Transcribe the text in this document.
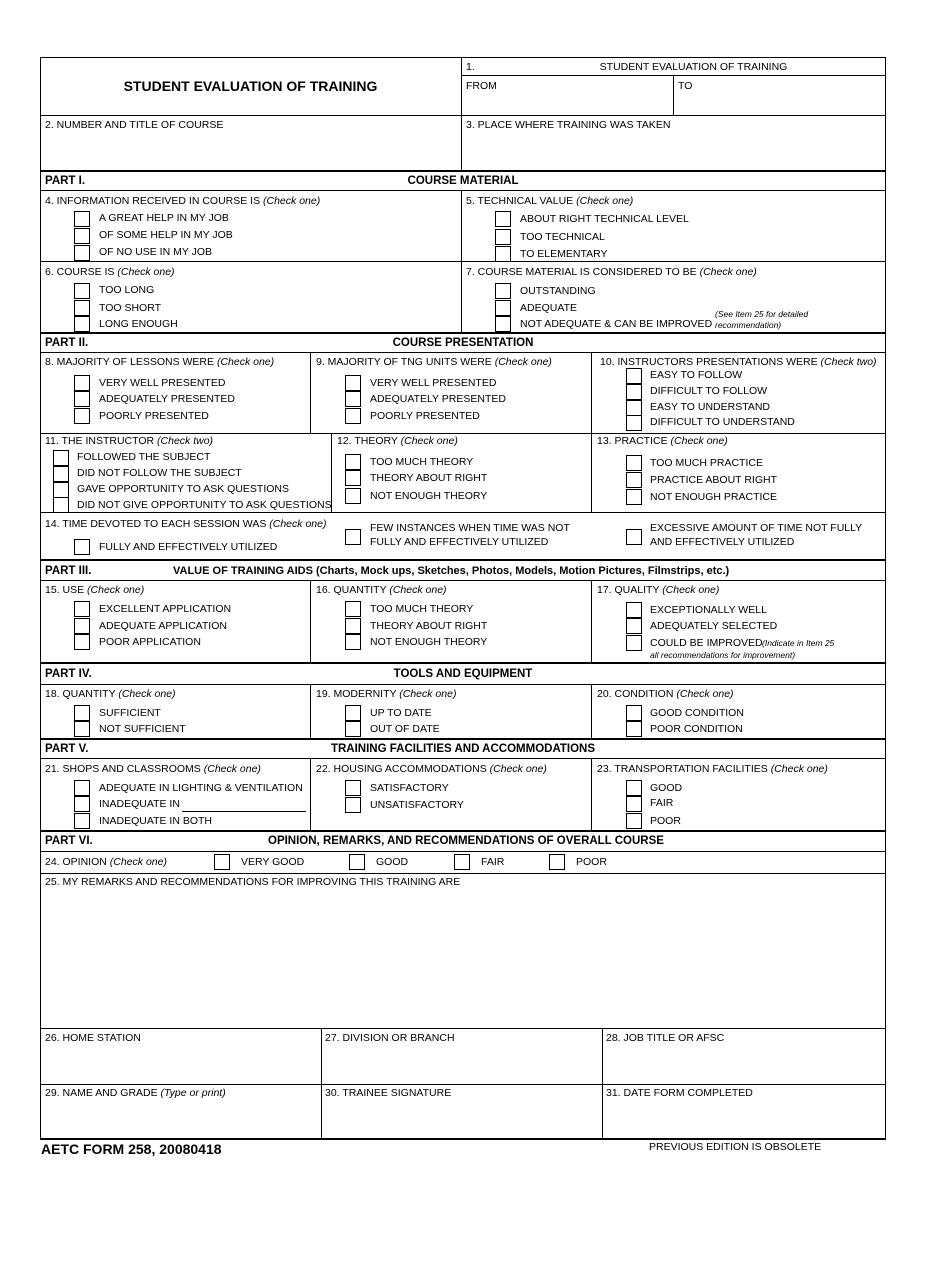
STUDENT EVALUATION OF TRAINING
1.	STUDENT EVALUATION OF TRAINING
FROM	TO
2. NUMBER AND TITLE OF COURSE	3. PLACE WHERE TRAINING WAS TAKEN
PART I.	COURSE MATERIAL
4. INFORMATION RECEIVED IN COURSE IS (Check one)
A GREAT HELP IN MY JOB
OF SOME HELP IN MY JOB
OF NO USE IN MY JOB
5. TECHNICAL VALUE (Check one)
ABOUT RIGHT TECHNICAL LEVEL
TOO TECHNICAL
TO ELEMENTARY
6. COURSE IS (Check one)
TOO LONG
TOO SHORT
LONG ENOUGH
7. COURSE MATERIAL IS CONSIDERED TO BE (Check one)
OUTSTANDING
ADEQUATE
NOT ADEQUATE & CAN BE IMPROVED
(See Item 25 for detailed
recommendation)
PART II.	COURSE PRESENTATION
8. MAJORITY OF LESSONS WERE (Check one)
VERY WELL PRESENTED
ADEQUATELY PRESENTED
POORLY PRESENTED
9. MAJORITY OF TNG UNITS WERE (Check one)
VERY WELL PRESENTED
ADEQUATELY PRESENTED
POORLY PRESENTED
10. INSTRUCTORS PRESENTATIONS WERE (Check two)
EASY TO FOLLOW
DIFFICULT TO FOLLOW
EASY TO UNDERSTAND
DIFFICULT TO UNDERSTAND
11. THE INSTRUCTOR (Check two)
FOLLOWED THE SUBJECT
DID NOT FOLLOW THE SUBJECT
GAVE OPPORTUNITY TO ASK QUESTIONS
DID NOT GIVE OPPORTUNITY TO ASK QUESTIONS
12. THEORY (Check one)
TOO MUCH THEORY
THEORY ABOUT RIGHT
NOT ENOUGH THEORY
13. PRACTICE (Check one)
TOO MUCH PRACTICE
PRACTICE ABOUT RIGHT
NOT ENOUGH PRACTICE
14. TIME DEVOTED TO EACH SESSION WAS (Check one)
FULLY AND EFFECTIVELY UTILIZED
FEW INSTANCES WHEN TIME WAS NOT
FULLY AND EFFECTIVELY UTILIZED
EXCESSIVE AMOUNT OF TIME NOT FULLY
AND EFFECTIVELY UTILIZED
PART III.	VALUE OF TRAINING AIDS (Charts, Mock ups, Sketches, Photos, Models, Motion Pictures, Filmstrips, etc.)
15. USE (Check one)
EXCELLENT APPLICATION
ADEQUATE APPLICATION
POOR APPLICATION
16. QUANTITY (Check one)
TOO MUCH THEORY
THEORY ABOUT RIGHT
NOT ENOUGH THEORY
17. QUALITY (Check one)
EXCEPTIONALLY WELL
ADEQUATELY SELECTED
COULD BE IMPROVED (Indicate in Item 25
all recommendations for improvement)
PART IV.	TOOLS AND EQUIPMENT
18. QUANTITY (Check one)
SUFFICIENT
NOT SUFFICIENT
19. MODERNITY (Check one)
UP TO DATE
OUT OF DATE
20. CONDITION (Check one)
GOOD CONDITION
POOR CONDITION
PART V.	TRAINING FACILITIES AND ACCOMMODATIONS
21. SHOPS AND CLASSROOMS (Check one)
ADEQUATE IN LIGHTING & VENTILATION
INADEQUATE IN
INADEQUATE IN BOTH
22. HOUSING ACCOMMODATIONS (Check one)
SATISFACTORY
UNSATISFACTORY
23. TRANSPORTATION FACILITIES (Check one)
GOOD
FAIR
POOR
PART VI.	OPINION, REMARKS, AND RECOMMENDATIONS OF OVERALL COURSE
24. OPINION (Check one)	VERY GOOD	GOOD	FAIR	POOR
25. MY REMARKS AND RECOMMENDATIONS FOR IMPROVING THIS TRAINING ARE
26. HOME STATION	27. DIVISION OR BRANCH	28. JOB TITLE OR AFSC
29. NAME AND GRADE (Type or print)	30. TRAINEE SIGNATURE	31. DATE FORM COMPLETED
AETC FORM 258, 20080418	PREVIOUS EDITION IS OBSOLETE
